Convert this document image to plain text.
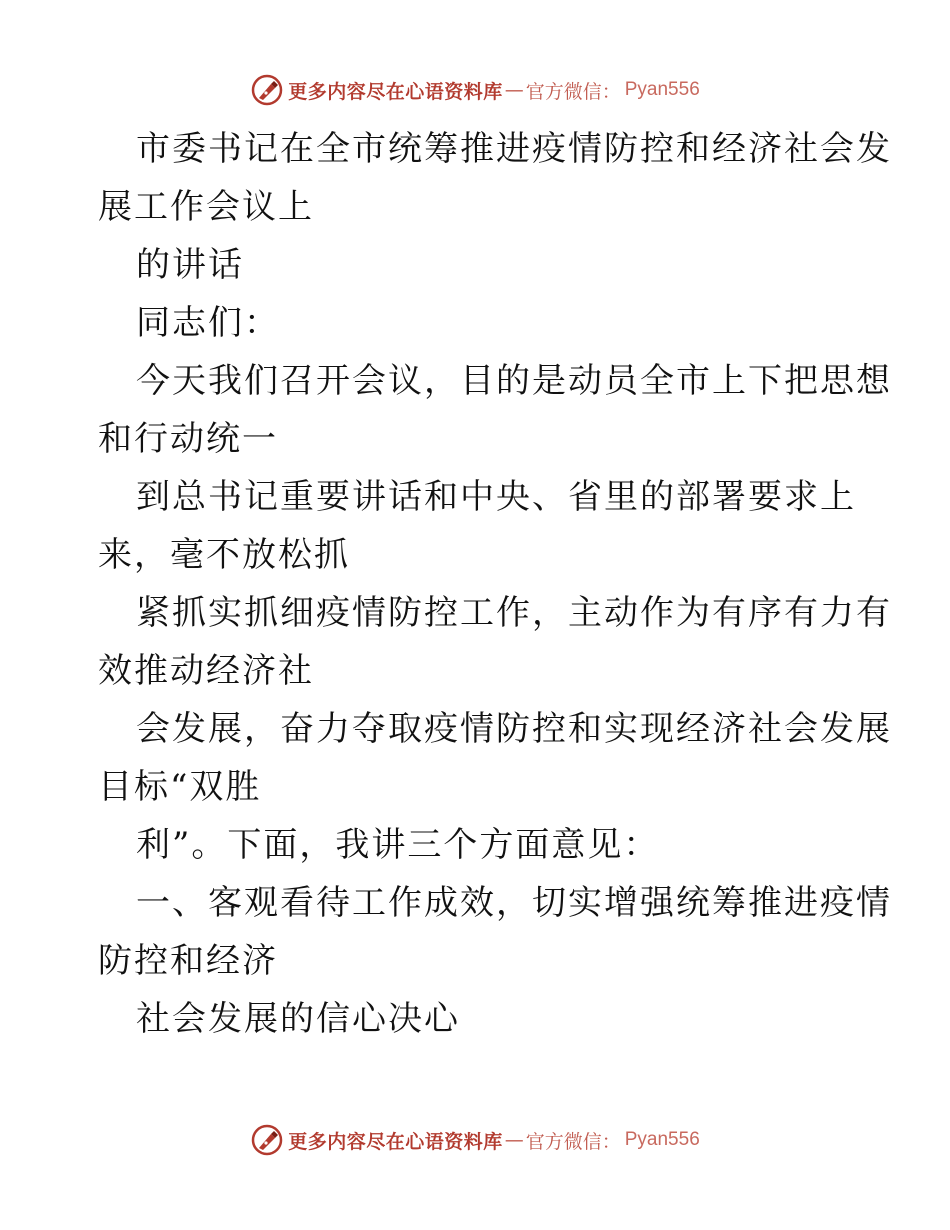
更多内容尽在心语资料库 — 官方微信： Pyan556

市委书记在全市统筹推进疫情防控和经济社会发
展工作会议上

的讲话

同志们：

今天我们召开会议，目的是动员全市上下把思想
和行动统一

到总书记重要讲话和中央、省里的部署要求上
来，毫不放松抓

紧抓实抓细疫情防控工作，主动作为有序有力有
效推动经济社

会发展，奋力夺取疫情防控和实现经济社会发展
目标“双胜

利”。下面，我讲三个方面意见：

一、客观看待工作成效，切实增强统筹推进疫情
防控和经济

社会发展的信心决心

更多内容尽在心语资料库 — 官方微信： Pyan556
